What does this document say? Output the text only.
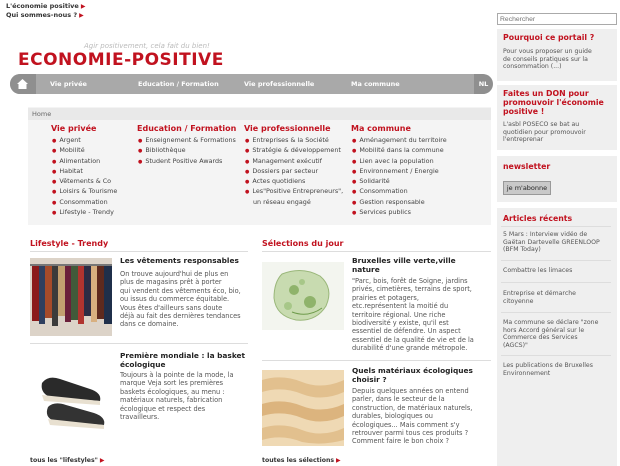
L'économie positive ▶
Qui sommes-nous ? ▶
Agir positivement, cela fait du bien!
ECONOMIE-POSITIVE
Vie privée	Education / Formation	Vie professionnelle	Ma commune	NL
Home
Vie privée
● Argent
● Mobilité
● Alimentation
● Habitat
● Vêtements & Co
● Loisirs & Tourisme
● Consommation
● Lifestyle - Trendy
Education / Formation
● Enseignement & Formations
● Bibliothèque
● Student Positive Awards
Vie professionnelle
● Entreprises & la Société
● Stratégie & développement
● Management exécutif
● Dossiers par secteur
● Actes quotidiens
● Les"Positive Entrepreneurs",
un réseau engagé
Ma commune
● Aménagement du territoire
● Mobilité dans la commune
● Lien avec la population
● Environnement / Energie
● Solidarité
● Consommation
● Gestion responsable
● Services publics
Lifestyle - Trendy
Les vêtements responsables
On trouve aujourd'hui de plus en
plus de magasins prêt à porter
qui vendent des vêtements éco, bio,
ou issus du commerce équitable.
Vous êtes d'ailleurs sans doute
déjà au fait des dernières tendances
dans ce domaine.
Première mondiale : la basket
écologique
Toujours à la pointe de la mode, la
marque Veja sort les premières
baskets écologiques, au menu :
matériaux naturels, fabrication
écologique et respect des
travailleurs.
tous les "lifestyles" ▶
Sélections du jour
Bruxelles ville verte,ville
nature
"Parc, bois, forêt de Soigne, jardins
privés, cimetières, terrains de sport,
prairies et potagers,
etc.représentent la moitié du
territoire régional. Une riche
biodiversité y existe, qu'il est
essentiel de défendre. Un aspect
essentiel de la qualité de vie et de la
durabilité d'une grande métropole.
Quels matériaux écologiques
choisir ?
Depuis quelques années on entend
parler, dans le secteur de la
construction, de matériaux naturels,
durables, biologiques ou
écologiques... Mais comment s'y
retrouver parmi tous ces produits ?
Comment faire le bon choix ?
toutes les sélections ▶
Rechercher
Pourquoi ce portail ?
Pour vous proposer un guide
de conseils pratiques sur la
consommation (...)
Faites un DON pour
promouvoir l'économie
positive !
L'asbl POSECO se bat au
quotidien pour promouvoir
l'entreprenar
newsletter
je m'abonne
Articles récents
5 Mars : Interview vidéo de
Gaëtan Dartevelle GREENLOOP
(BFM Today)
Combattre les limaces
Entreprise et démarche
citoyenne
Ma commune se déclare "zone
hors Accord général sur le
Commerce des Services
(AGCS)"
Les publications de Bruxelles
Environnement
